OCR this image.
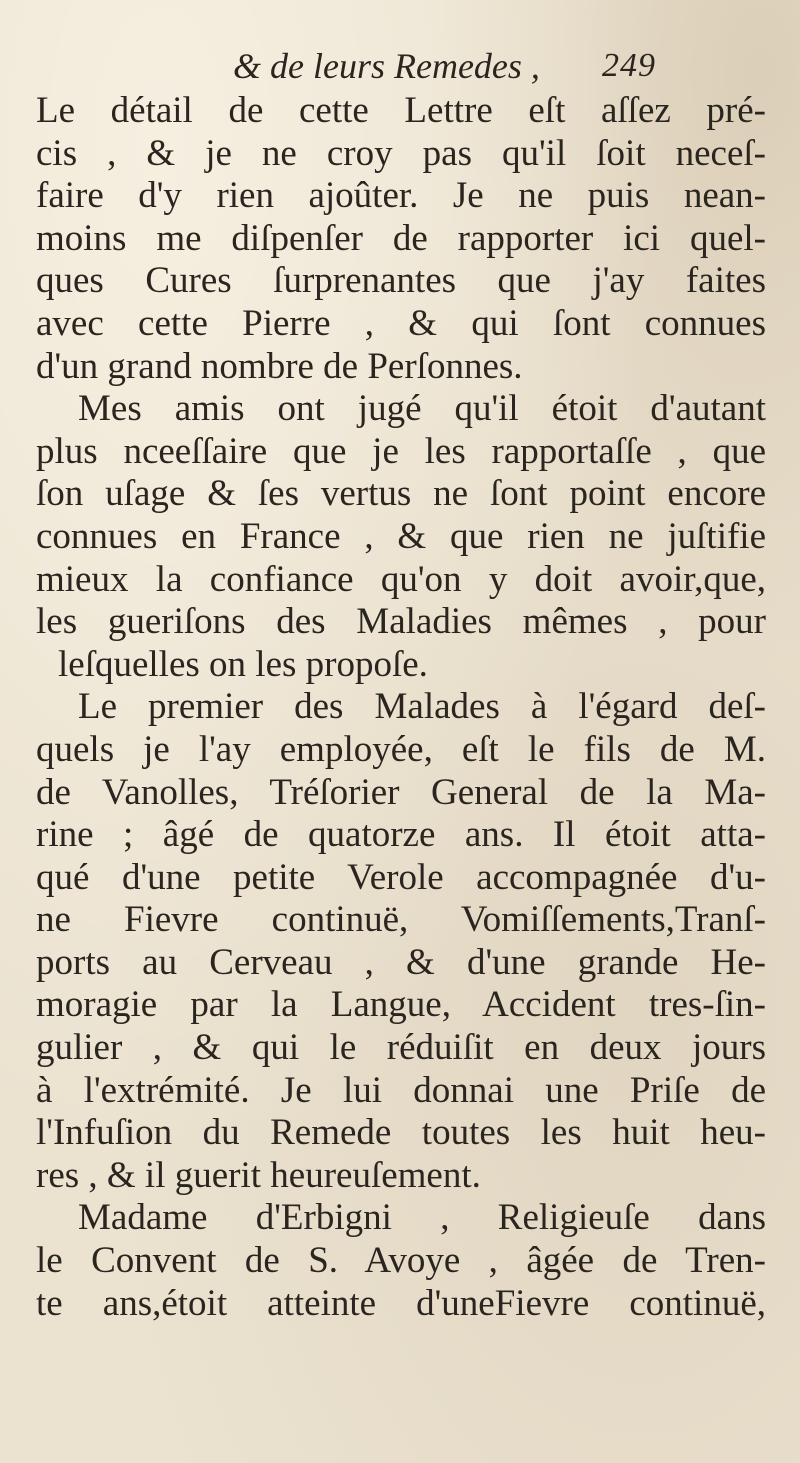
& de leurs Remedes , 249
Le détail de cette Lettre eſt aſſez pré-
cis , & je ne croy pas qu'il ſoit neceſ-
faire d'y rien ajoûter. Je ne puis nean-
moins me diſpenſer de rapporter ici quel-
ques Cures ſurprenantes que j'ay faites
avec cette Pierre , & qui ſont connues
d'un grand nombre de Perſonnes.
Mes amis ont jugé qu'il étoit d'autant
plus nceeſſaire que je les rapportaſſe , que
ſon uſage & ſes vertus ne ſont point encore
connues en France , & que rien ne juſtifie
mieux la confiance qu'on y doit avoir,que,
les gueriſons des Maladies mêmes , pour
leſquelles on les propoſe.
Le premier des Malades à l'égard deſ-
quels je l'ay employée, eſt le fils de M.
de Vanolles, Tréſorier General de la Ma-
rine ; âgé de quatorze ans. Il étoit atta-
qué d'une petite Verole accompagnée d'u-
ne Fievre continuë, Vomiſſements,Tranſ-
ports au Cerveau , & d'une grande He-
moragie par la Langue, Accident tres-ſin-
gulier , & qui le réduiſit en deux jours
à l'extrémité. Je lui donnai une Priſe de
l'Infuſion du Remede toutes les huit heu-
res , & il guerit heureuſement.
Madame d'Erbigni , Religieuſe dans
le Convent de S. Avoye , âgée de Tren-
te ans,étoit atteinte d'uneFievre continuë,
